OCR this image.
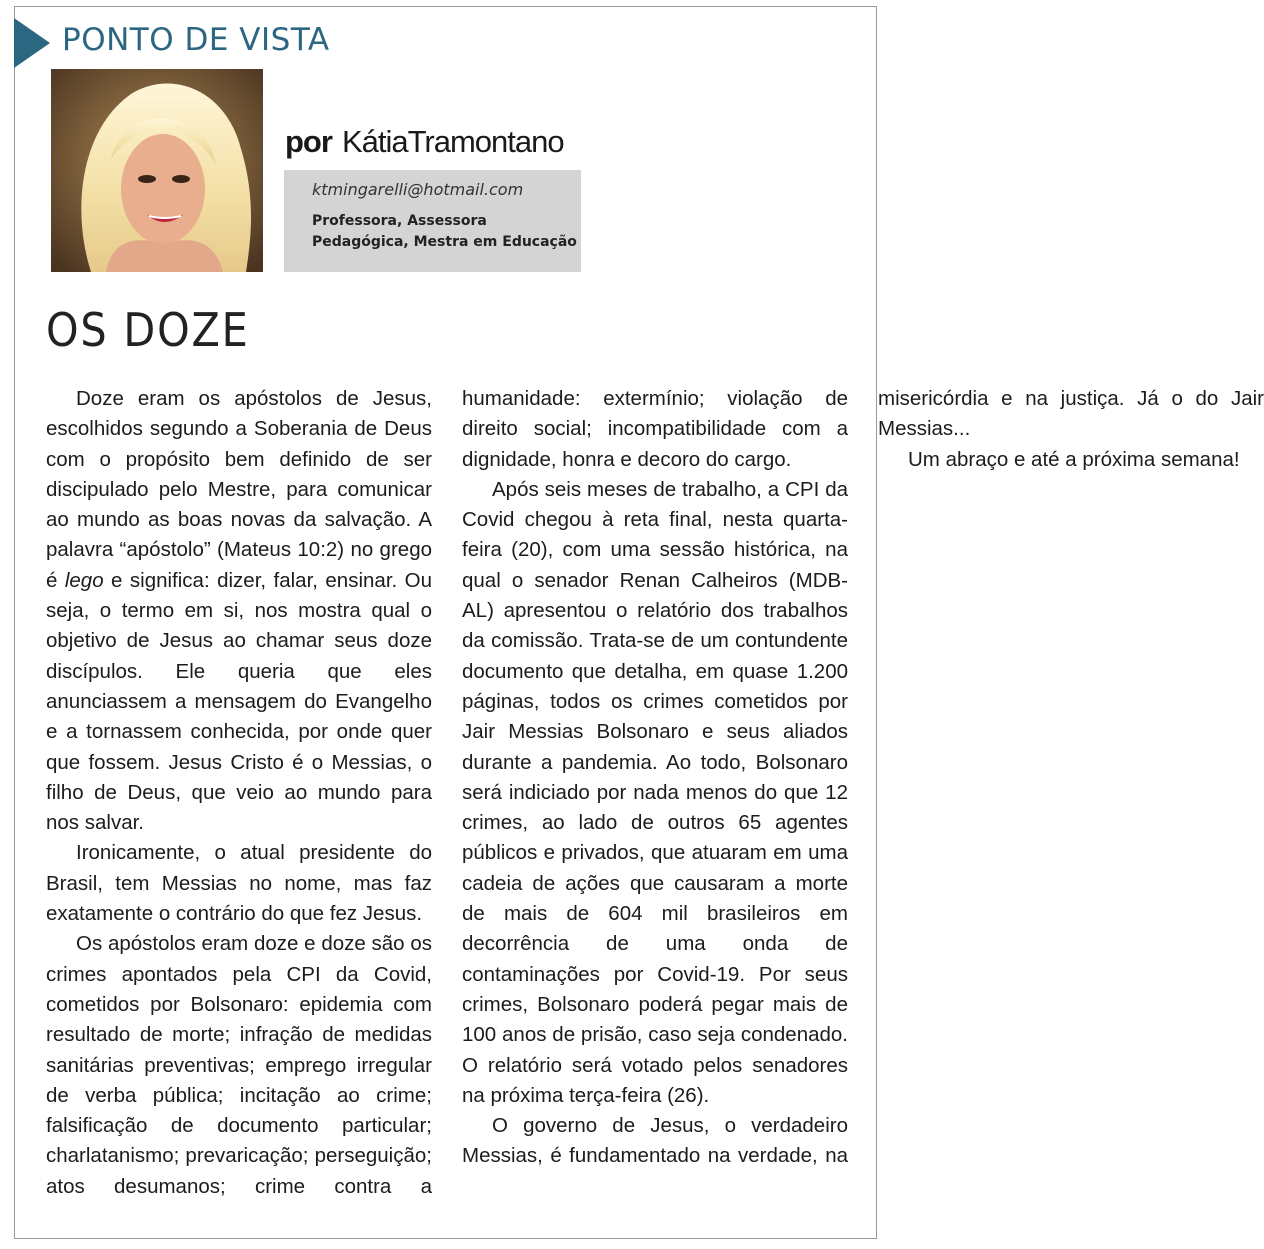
PONTO DE VISTA
por KátiaTramontano
ktmingarelli@hotmail.com
Professora, Assessora
Pedagógica, Mestra em Educação
OS DOZE

Doze eram os apóstolos de Jesus, escolhidos segundo a Soberania de Deus com o propósito bem definido de ser discipulado pelo Mestre, para comunicar ao mundo as boas novas da salvação. A palavra “apóstolo” (Mateus 10:2) no grego é lego e significa: dizer, falar, ensinar. Ou seja, o termo em si, nos mostra qual o objetivo de Jesus ao chamar seus doze discípulos. Ele queria que eles anunciassem a mensagem do Evangelho e a tornassem conhecida, por onde quer que fossem. Jesus Cristo é o Messias, o filho de Deus, que veio ao mundo para nos salvar.

Ironicamente, o atual presidente do Brasil, tem Messias no nome, mas faz exatamente o contrário do que fez Jesus.

Os apóstolos eram doze e doze são os crimes apontados pela CPI da Covid, cometidos por Bolsonaro: epidemia com resultado de morte; infração de medidas sanitárias preventivas; emprego irregular de verba pública; incitação ao crime; falsificação de documento particular; charlatanismo; prevaricação; perseguição; atos desumanos; crime contra a humanidade: extermínio; violação de direito social; incompatibilidade com a dignidade, honra e decoro do cargo.

Após seis meses de trabalho, a CPI da Covid chegou à reta final, nesta quarta-feira (20), com uma sessão histórica, na qual o senador Renan Calheiros (MDB-AL) apresentou o relatório dos trabalhos da comissão. Trata-se de um contundente documento que detalha, em quase 1.200 páginas, todos os crimes cometidos por Jair Messias Bolsonaro e seus aliados durante a pandemia. Ao todo, Bolsonaro será indiciado por nada menos do que 12 crimes, ao lado de outros 65 agentes públicos e privados, que atuaram em uma cadeia de ações que causaram a morte de mais de 604 mil brasileiros em decorrência de uma onda de contaminações por Covid-19. Por seus crimes, Bolsonaro poderá pegar mais de 100 anos de prisão, caso seja condenado. O relatório será votado pelos senadores na próxima terça-feira (26).

O governo de Jesus, o verdadeiro Messias, é fundamentado na verdade, na misericórdia e na justiça. Já o do Jair Messias...

Um abraço e até a próxima semana!
